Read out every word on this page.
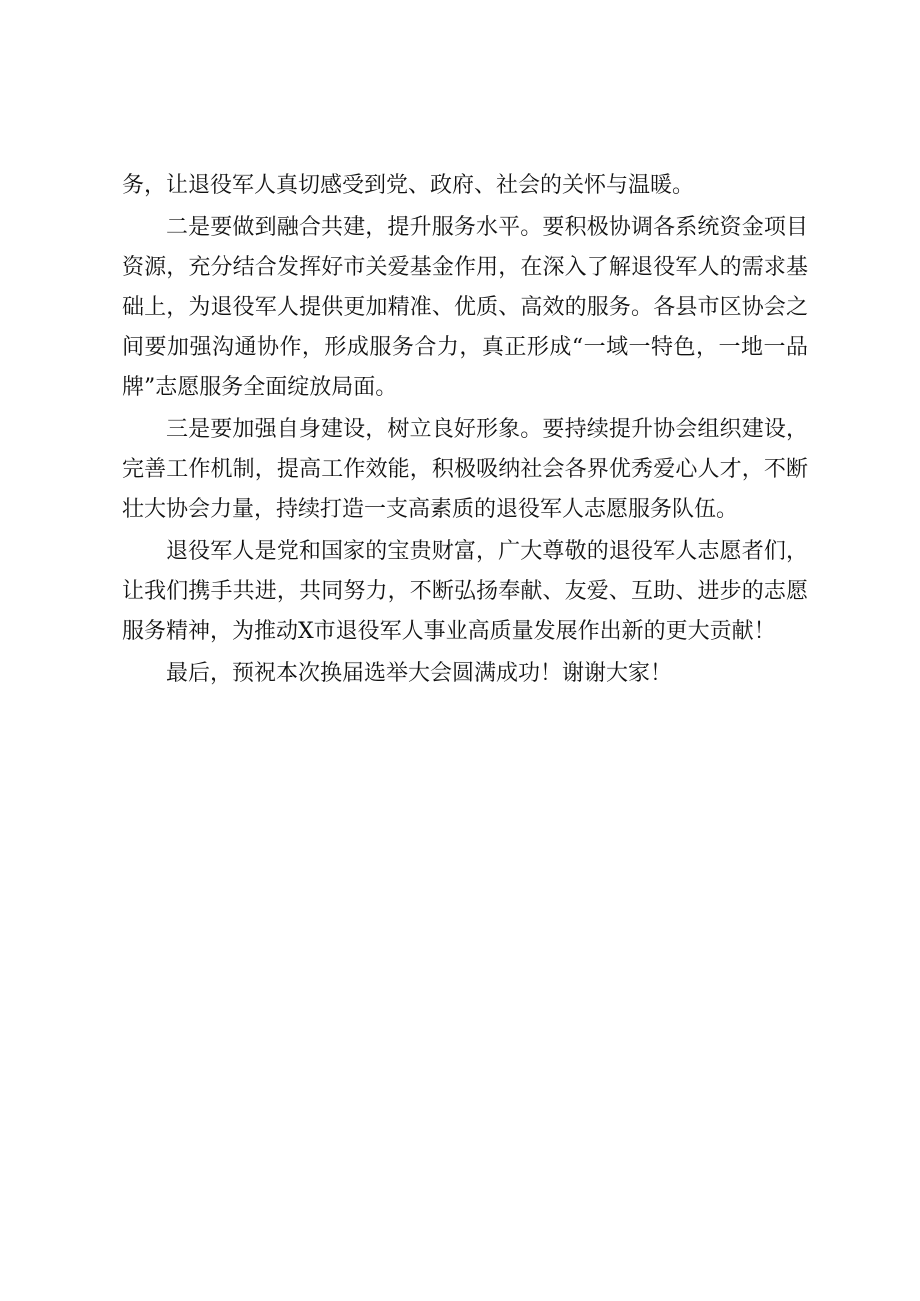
务，让退役军人真切感受到党、政府、社会的关怀与温暖。

二是要做到融合共建，提升服务水平。要积极协调各系统资金项目资源，充分结合发挥好市关爱基金作用，在深入了解退役军人的需求基础上，为退役军人提供更加精准、优质、高效的服务。各县市区协会之间要加强沟通协作，形成服务合力，真正形成“一域一特色，一地一品牌”志愿服务全面绽放局面。

三是要加强自身建设，树立良好形象。要持续提升协会组织建设，完善工作机制，提高工作效能，积极吸纳社会各界优秀爱心人才，不断壮大协会力量，持续打造一支高素质的退役军人志愿服务队伍。

退役军人是党和国家的宝贵财富，广大尊敬的退役军人志愿者们，让我们携手共进，共同努力，不断弘扬奉献、友爱、互助、进步的志愿服务精神，为推动X市退役军人事业高质量发展作出新的更大贡献！

最后，预祝本次换届选举大会圆满成功！谢谢大家！
